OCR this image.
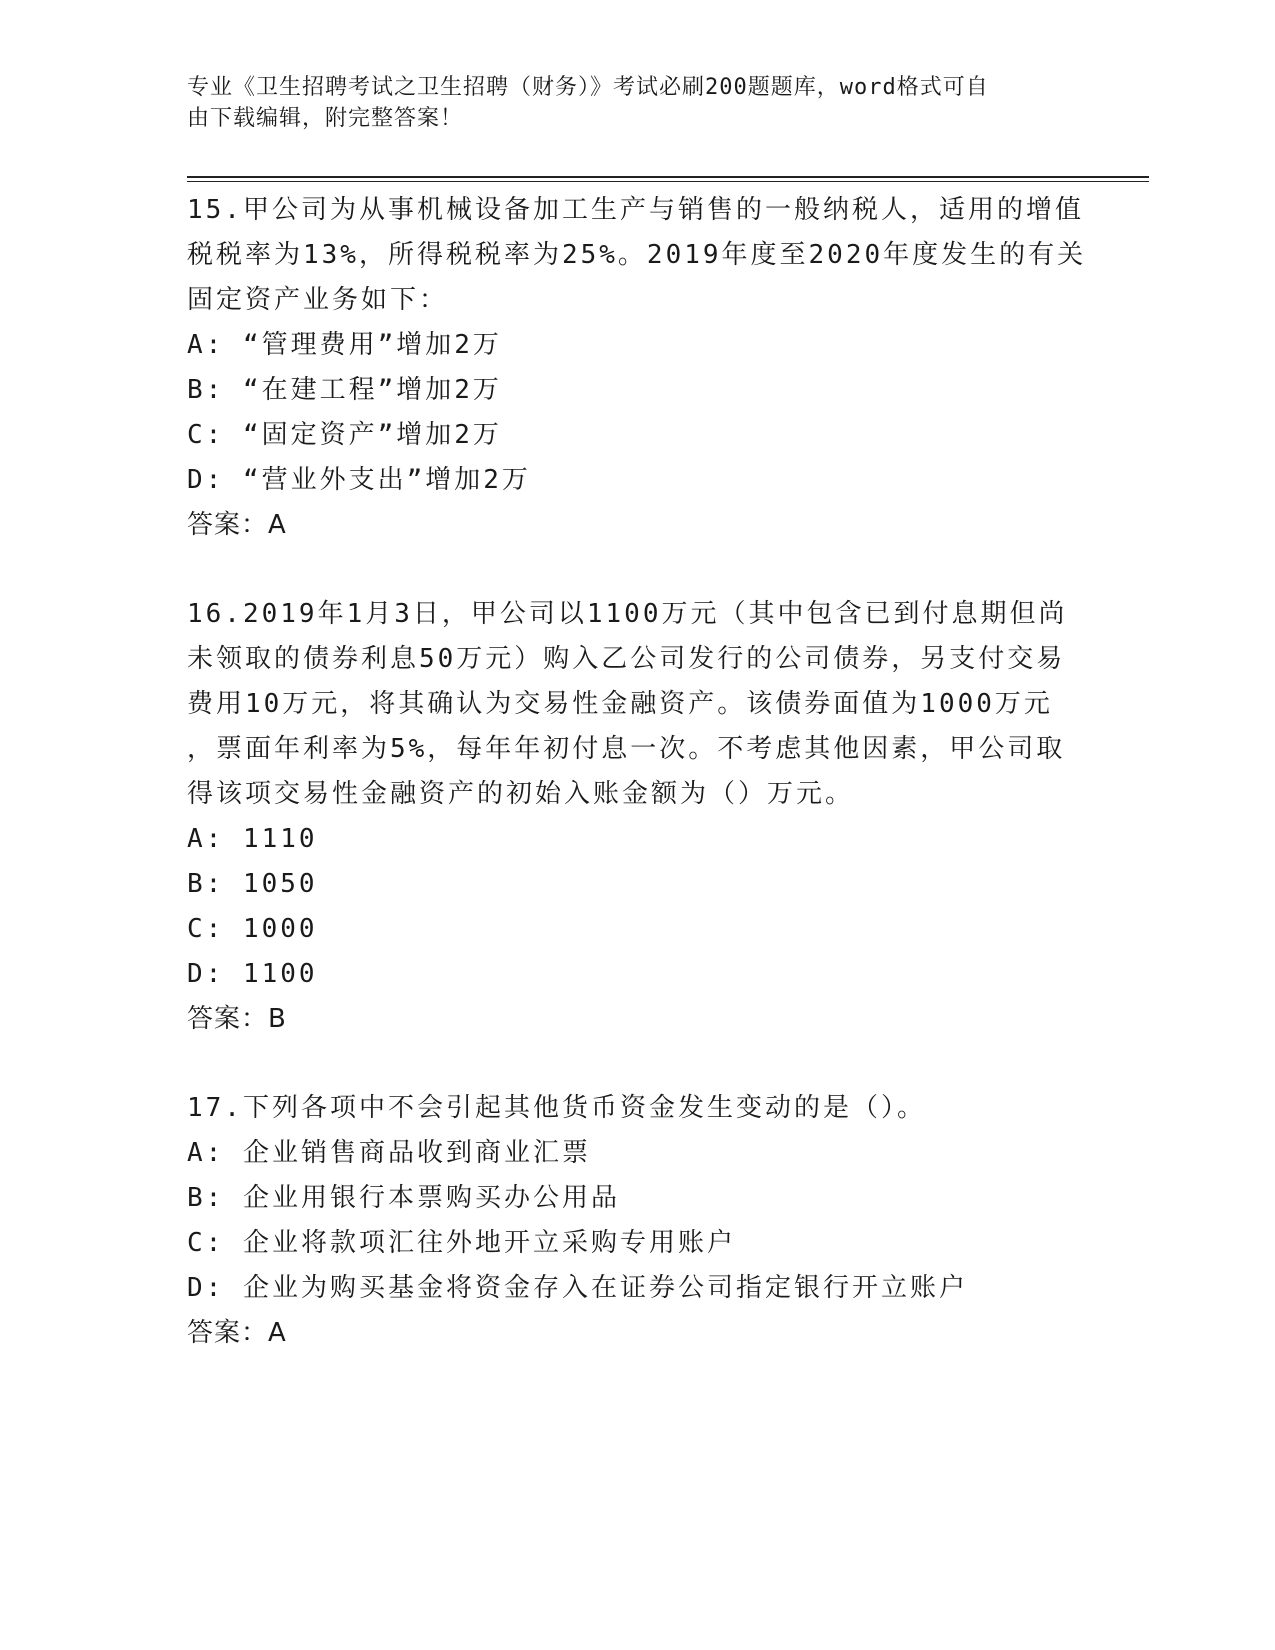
专业《卫生招聘考试之卫生招聘（财务）》考试必刷200题题库，word格式可自
由下载编辑，附完整答案！
15.甲公司为从事机械设备加工生产与销售的一般纳税人，适用的增值
税税率为13%，所得税税率为25%。2019年度至2020年度发生的有关
固定资产业务如下：
A: “管理费用”增加2万
B: “在建工程”增加2万
C: “固定资产”增加2万
D: “营业外支出”增加2万
答案：A
16.2019年1月3日，甲公司以1100万元（其中包含已到付息期但尚
未领取的债券利息50万元）购入乙公司发行的公司债券，另支付交易
费用10万元，将其确认为交易性金融资产。该债券面值为1000万元
，票面年利率为5%，每年年初付息一次。不考虑其他因素，甲公司取
得该项交易性金融资产的初始入账金额为（）万元。
A: 1110
B: 1050
C: 1000
D: 1100
答案：B
17.下列各项中不会引起其他货币资金发生变动的是（）。
A: 企业销售商品收到商业汇票
B: 企业用银行本票购买办公用品
C: 企业将款项汇往外地开立采购专用账户
D: 企业为购买基金将资金存入在证券公司指定银行开立账户
答案：A
